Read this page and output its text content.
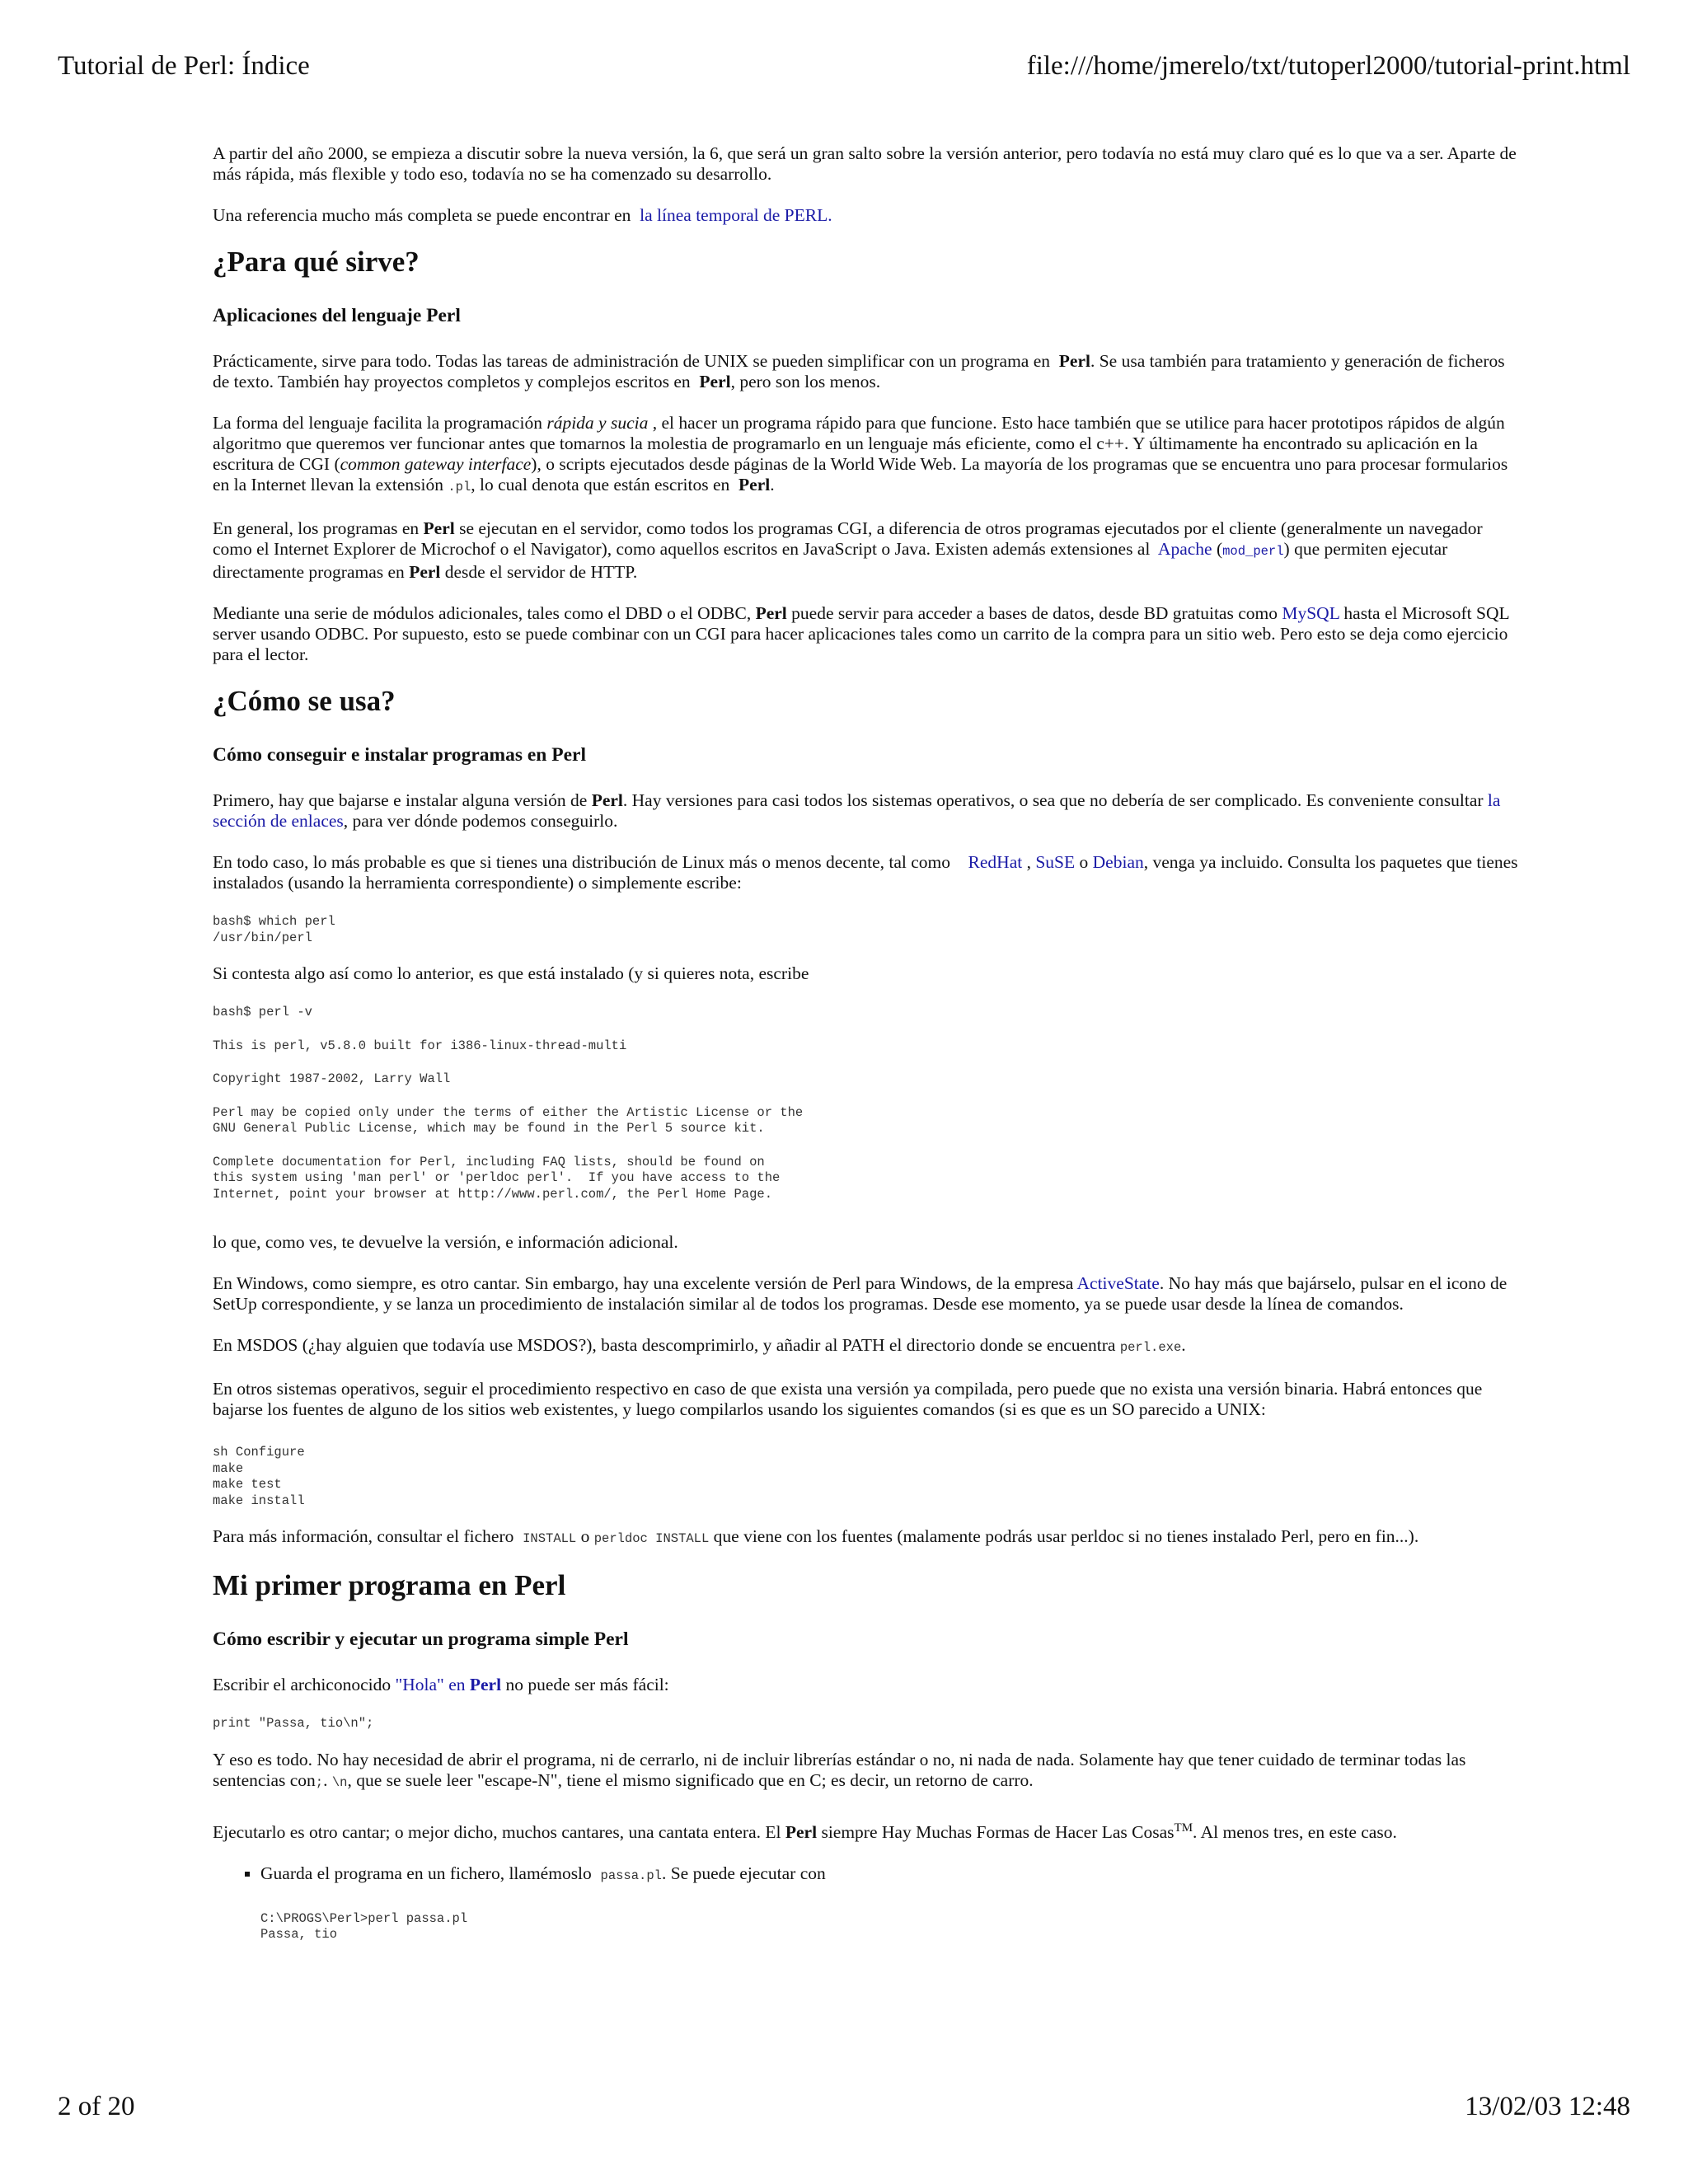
Tutorial de Perl: Índice	file:///home/jmerelo/txt/tutoperl2000/tutorial-print.html

A partir del año 2000, se empieza a discutir sobre la nueva versión, la 6, que será un gran salto sobre la versión anterior, pero todavía no está muy claro qué es lo que va a ser. Aparte de más rápida, más flexible y todo eso, todavía no se ha comenzado su desarrollo.

Una referencia mucho más completa se puede encontrar en la línea temporal de PERL.

¿Para qué sirve?
Aplicaciones del lenguaje Perl

Prácticamente, sirve para todo. Todas las tareas de administración de UNIX se pueden simplificar con un programa en Perl. Se usa también para tratamiento y generación de ficheros de texto. También hay proyectos completos y complejos escritos en Perl, pero son los menos.

La forma del lenguaje facilita la programación rápida y sucia , el hacer un programa rápido para que funcione. Esto hace también que se utilice para hacer prototipos rápidos de algún algoritmo que queremos ver funcionar antes que tomarnos la molestia de programarlo en un lenguaje más eficiente, como el c++. Y últimamente ha encontrado su aplicación en la escritura de CGI (common gateway interface), o scripts ejecutados desde páginas de la World Wide Web. La mayoría de los programas que se encuentra uno para procesar formularios en la Internet llevan la extensión .pl, lo cual denota que están escritos en Perl.

En general, los programas en Perl se ejecutan en el servidor, como todos los programas CGI, a diferencia de otros programas ejecutados por el cliente (generalmente un navegador como el Internet Explorer de Microchof o el Navigator), como aquellos escritos en JavaScript o Java. Existen además extensiones al Apache (mod_perl) que permiten ejecutar directamente programas en Perl desde el servidor de HTTP.

Mediante una serie de módulos adicionales, tales como el DBD o el ODBC, Perl puede servir para acceder a bases de datos, desde BD gratuitas como MySQL hasta el Microsoft SQL server usando ODBC. Por supuesto, esto se puede combinar con un CGI para hacer aplicaciones tales como un carrito de la compra para un sitio web. Pero esto se deja como ejercicio para el lector.

¿Cómo se usa?
Cómo conseguir e instalar programas en Perl

Primero, hay que bajarse e instalar alguna versión de Perl. Hay versiones para casi todos los sistemas operativos, o sea que no debería de ser complicado. Es conveniente consultar la sección de enlaces, para ver dónde podemos conseguirlo.

En todo caso, lo más probable es que si tienes una distribución de Linux más o menos decente, tal como RedHat , SuSE o Debian, venga ya incluido. Consulta los paquetes que tienes instalados (usando la herramienta correspondiente) o simplemente escribe:

bash$ which perl
/usr/bin/perl

Si contesta algo así como lo anterior, es que está instalado (y si quieres nota, escribe

bash$ perl -v
This is perl, v5.8.0 built for i386-linux-thread-multi
Copyright 1987-2002, Larry Wall
Perl may be copied only under the terms of either the Artistic License or the
GNU General Public License, which may be found in the Perl 5 source kit.
Complete documentation for Perl, including FAQ lists, should be found on
this system using 'man perl' or 'perldoc perl'.  If you have access to the
Internet, point your browser at http://www.perl.com/, the Perl Home Page.

lo que, como ves, te devuelve la versión, e información adicional.

En Windows, como siempre, es otro cantar. Sin embargo, hay una excelente versión de Perl para Windows, de la empresa ActiveState. No hay más que bajárselo, pulsar en el icono de SetUp correspondiente, y se lanza un procedimiento de instalación similar al de todos los programas. Desde ese momento, ya se puede usar desde la línea de comandos.

En MSDOS (¿hay alguien que todavía use MSDOS?), basta descomprimirlo, y añadir al PATH el directorio donde se encuentra perl.exe.

En otros sistemas operativos, seguir el procedimiento respectivo en caso de que exista una versión ya compilada, pero puede que no exista una versión binaria. Habrá entonces que bajarse los fuentes de alguno de los sitios web existentes, y luego compilarlos usando los siguientes comandos (si es que es un SO parecido a UNIX:

sh Configure
make
make test
make install

Para más información, consultar el fichero INSTALL o perldoc INSTALL que viene con los fuentes (malamente podrás usar perldoc si no tienes instalado Perl, pero en fin...).

Mi primer programa en Perl
Cómo escribir y ejecutar un programa simple Perl

Escribir el archiconocido "Hola" en Perl no puede ser más fácil:

print "Passa, tio\n";

Y eso es todo. No hay necesidad de abrir el programa, ni de cerrarlo, ni de incluir librerías estándar o no, ni nada de nada. Solamente hay que tener cuidado de terminar todas las sentencias con;. \n, que se suele leer "escape-N", tiene el mismo significado que en C; es decir, un retorno de carro.

Ejecutarlo es otro cantar; o mejor dicho, muchos cantares, una cantata entera. El Perl siempre Hay Muchas Formas de Hacer Las Cosas™. Al menos tres, en este caso.

▪ Guarda el programa en un fichero, llamémoslo passa.pl. Se puede ejecutar con
C:\PROGS\Perl>perl passa.pl
Passa, tio
2 of 20	13/02/03 12:48
